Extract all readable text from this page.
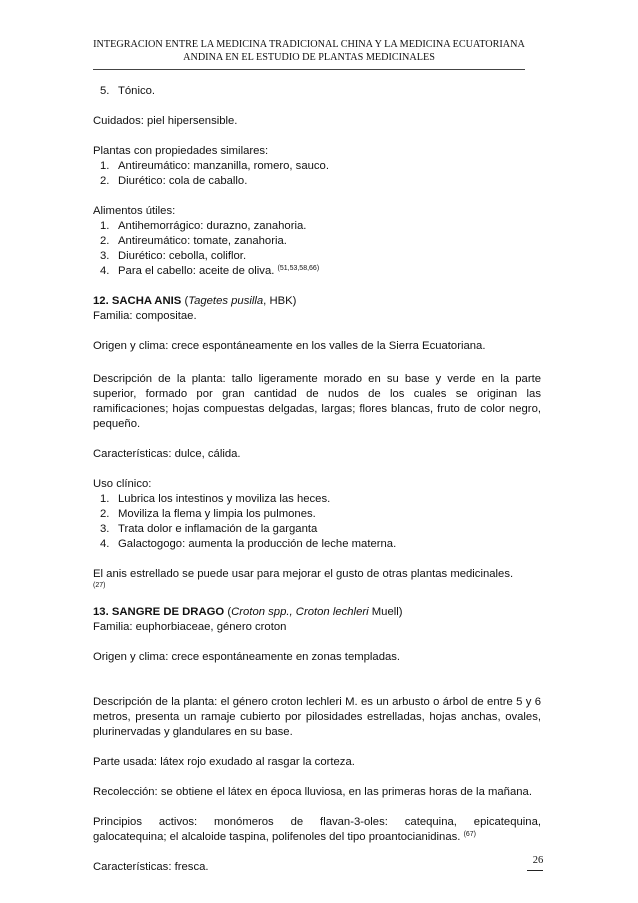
INTEGRACION ENTRE LA MEDICINA TRADICIONAL CHINA Y LA MEDICINA ECUATORIANA
ANDINA EN EL ESTUDIO DE PLANTAS MEDICINALES

5. Tónico.

Cuidados: piel hipersensible.

Plantas con propiedades similares:

1. Antireumático: manzanilla, romero, sauco.

2. Diurético: cola de caballo.

Alimentos útiles:

1. Antihemorrágico: durazno, zanahoria.

2. Antireumático: tomate, zanahoria.

3. Diurético: cebolla, coliflor.

4. Para el cabello: aceite de oliva. $^{(51,53,58,66)}$

12. SACHA ANIS (Tagetes pusilla, HBK)

Familia: compositae.

Origen y clima: crece espontáneamente en los valles de la Sierra Ecuatoriana.

Descripción de la planta: tallo ligeramente morado en su base y verde en la parte superior, formado por gran cantidad de nudos de los cuales se originan las ramificaciones; hojas compuestas delgadas, largas; flores blancas, fruto de color negro, pequeño.

Características: dulce, cálida.

Uso clínico:

1. Lubrica los intestinos y moviliza las heces.

2. Moviliza la flema y limpia los pulmones.

3. Trata dolor e inflamación de la garganta

4. Galactogogo: aumenta la producción de leche materna.

El anis estrellado se puede usar para mejorar el gusto de otras plantas medicinales.

(27)

13. SANGRE DE DRAGO (Croton spp., Croton lechleri Muell)

Familia: euphorbiaceae, género croton

Origen y clima: crece espontáneamente en zonas templadas.

Descripción de la planta: el género croton lechleri M. es un arbusto o árbol de entre 5 y 6 metros, presenta un ramaje cubierto por pilosidades estrelladas, hojas anchas, ovales, plurinervadas y glandulares en su base.

Parte usada: látex rojo exudado al rasgar la corteza.

Recolección: se obtiene el látex en época lluviosa, en las primeras horas de la mañana.

Principios activos: monómeros de flavan-3-oles: catequina, epicatequina,

galocatequina; el alcaloide taspina, polifenoles del tipo proantocianidinas. $^{(67)}$

Características: fresca.

26
